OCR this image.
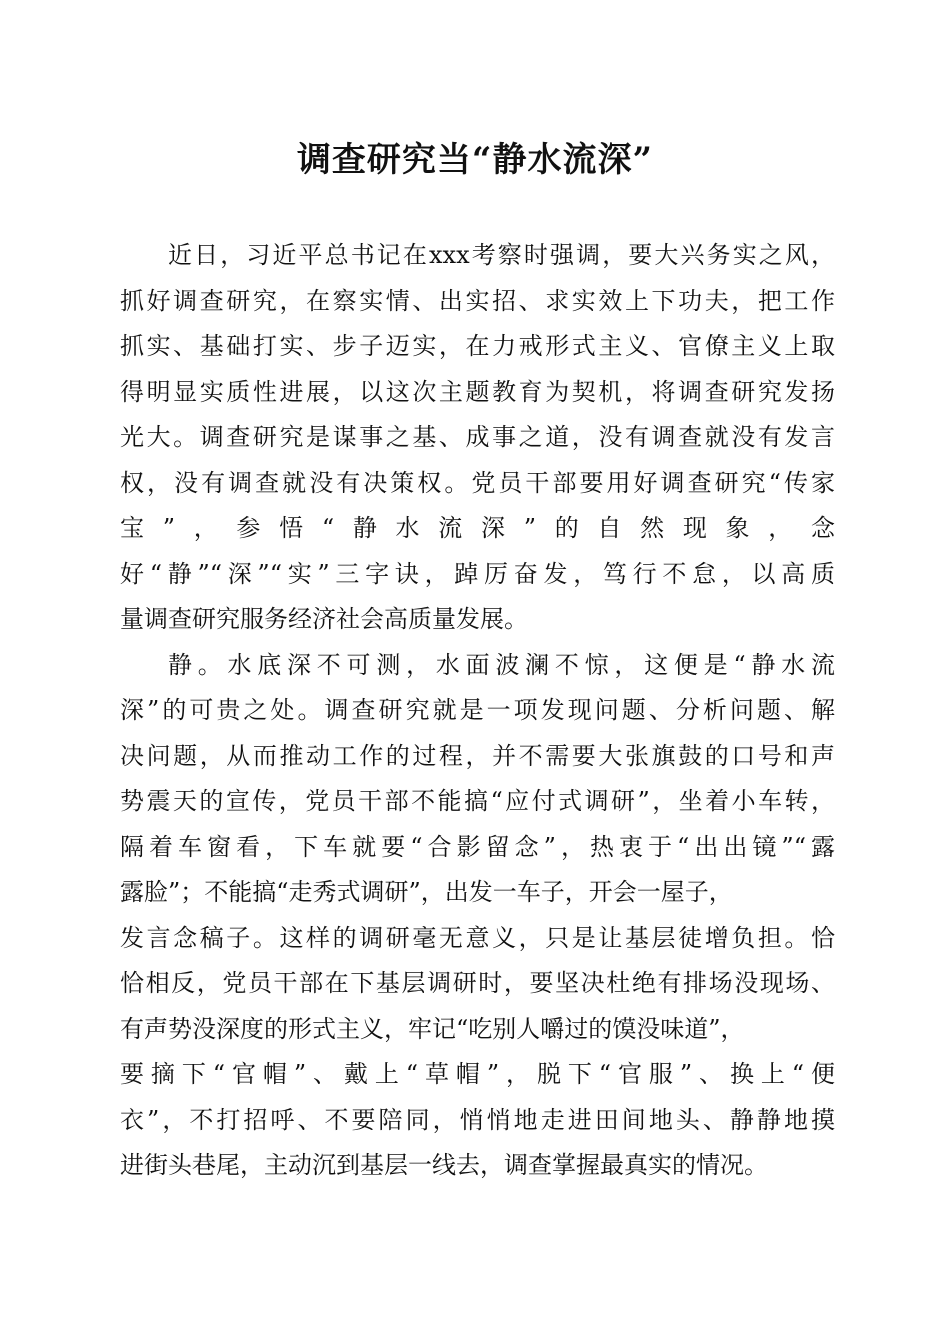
调查研究当“静水流深”

近日，习近平总书记在xxx考察时强调，要大兴务实之风，
抓好调查研究，在察实情、出实招、求实效上下功夫，把工作
抓实、基础打实、步子迈实，在力戒形式主义、官僚主义上取
得明显实质性进展，以这次主题教育为契机，将调查研究发扬
光大。调查研究是谋事之基、成事之道，没有调查就没有发言
权，没有调查就没有决策权。党员干部要用好调查研究“传家
宝”，参悟“静水流深”的自然现象，念
好“静”“深”“实”三字诀，踔厉奋发，笃行不怠，以高质
量调查研究服务经济社会高质量发展。

静。水底深不可测，水面波澜不惊，这便是“静水流
深”的可贵之处。调查研究就是一项发现问题、分析问题、解
决问题，从而推动工作的过程，并不需要大张旗鼓的口号和声
势震天的宣传，党员干部不能搞“应付式调研”，坐着小车转，
隔着车窗看，下车就要“合影留念”，热衷于“出出镜”“露
露脸”；不能搞“走秀式调研”，出发一车子，开会一屋子，
发言念稿子。这样的调研毫无意义，只是让基层徒增负担。恰
恰相反，党员干部在下基层调研时，要坚决杜绝有排场没现场、
有声势没深度的形式主义，牢记“吃别人嚼过的馍没味道”，
要摘下“官帽”、戴上“草帽”，脱下“官服”、换上“便
衣”，不打招呼、不要陪同，悄悄地走进田间地头、静静地摸
进街头巷尾，主动沉到基层一线去，调查掌握最真实的情况。
